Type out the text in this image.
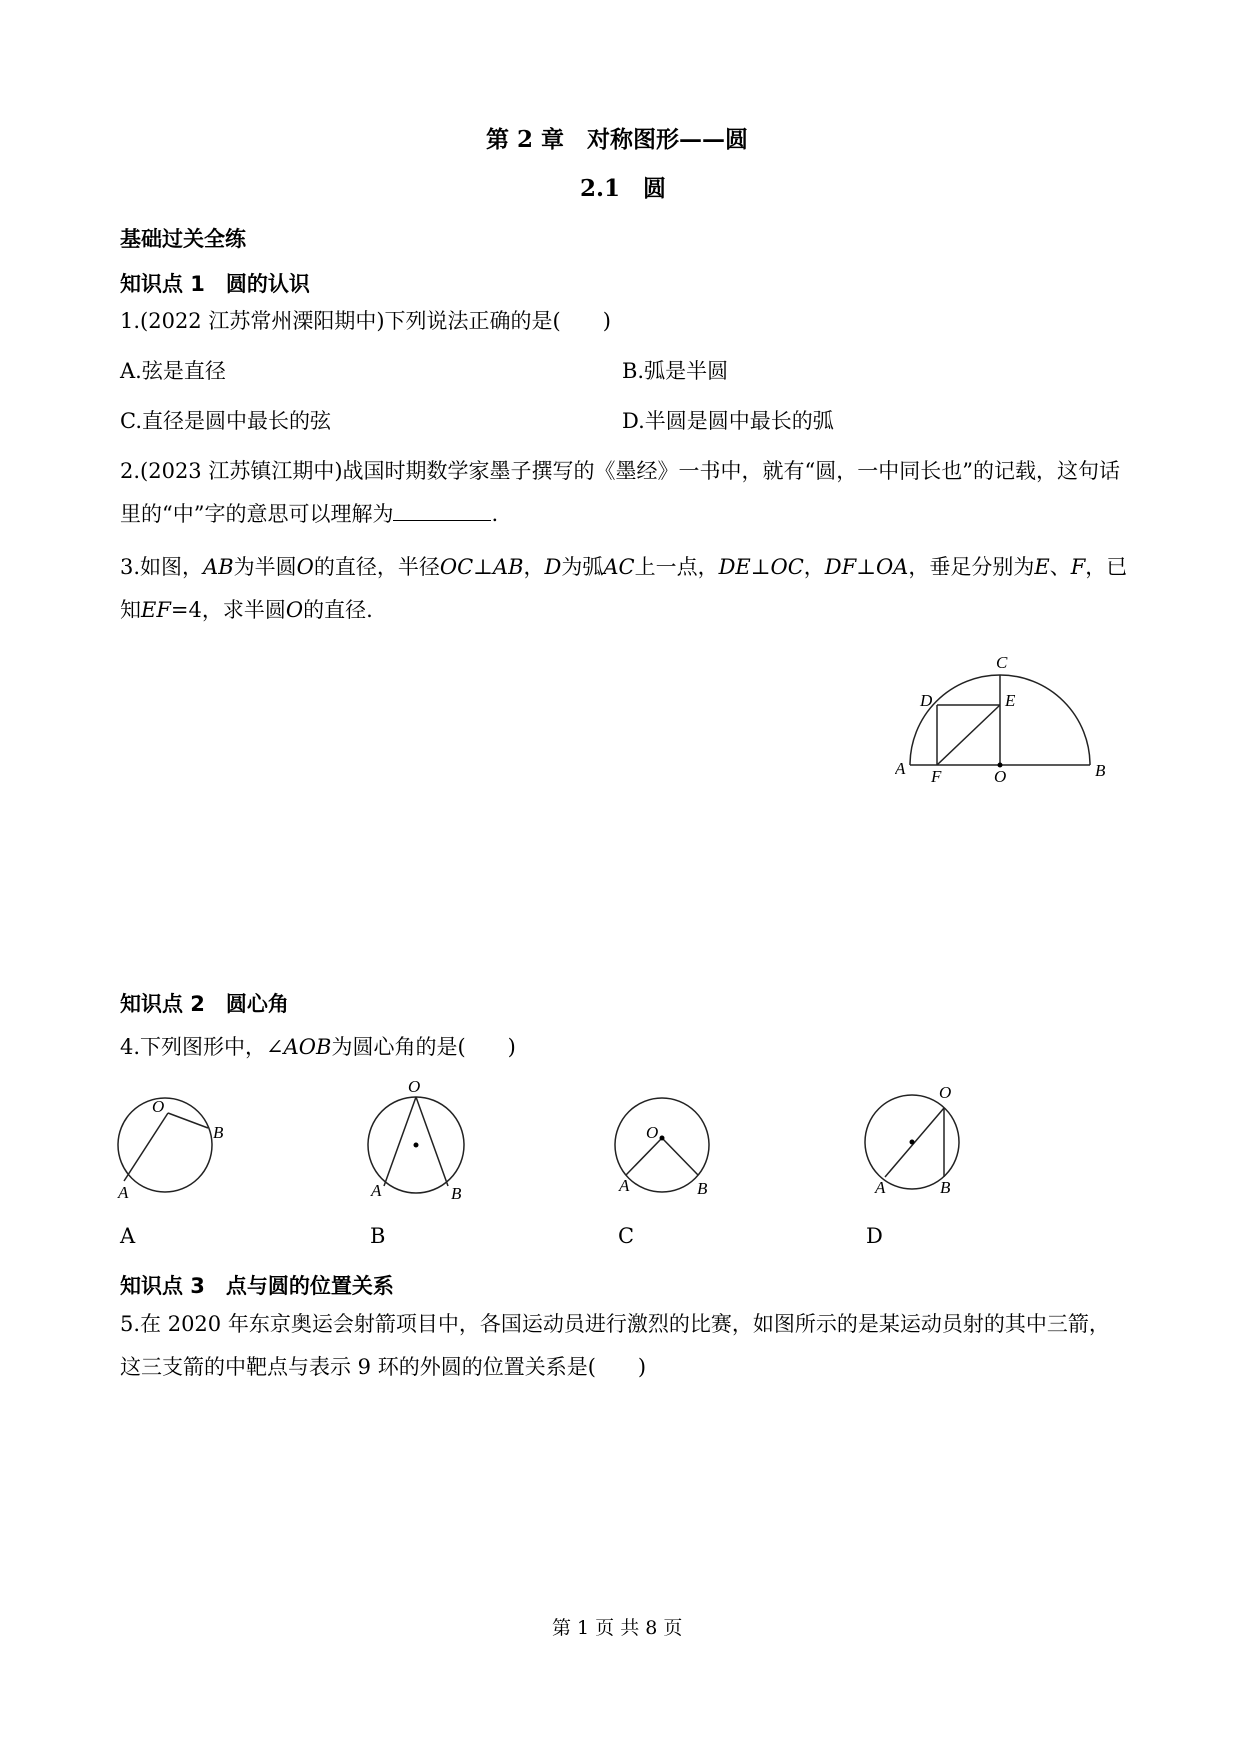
第 2 章　对称图形——圆
2.1　圆
基础过关全练
知识点 1　圆的认识
1.(2022 江苏常州溧阳期中)下列说法正确的是(　　)
A.弦是直径	B.弧是半圆
C.直径是圆中最长的弦	D.半圆是圆中最长的弧
2.(2023 江苏镇江期中)战国时期数学家墨子撰写的《墨经》一书中，就有“圆，一中同长也”的记载，这句话里的“中”字的意思可以理解为	.
3.如图，AB为半圆O的直径，半径OC⊥AB，D为弧AC上一点，DE⊥OC，DF⊥OA，垂足分别为E、F，已知EF=4，求半圆O的直径.
A	B
C
D	E
F	O
知识点 2　圆心角
4.下列图形中，∠AOB为圆心角的是(　　)
O
A
B
A
O
A	B
B
O
A	B
C
O
A	B
D
知识点 3　点与圆的位置关系
5.在 2020 年东京奥运会射箭项目中，各国运动员进行激烈的比赛，如图所示的是某运动员射的其中三箭，这三支箭的中靶点与表示 9 环的外圆的位置关系是(　　)
第 1 页 共 8 页
